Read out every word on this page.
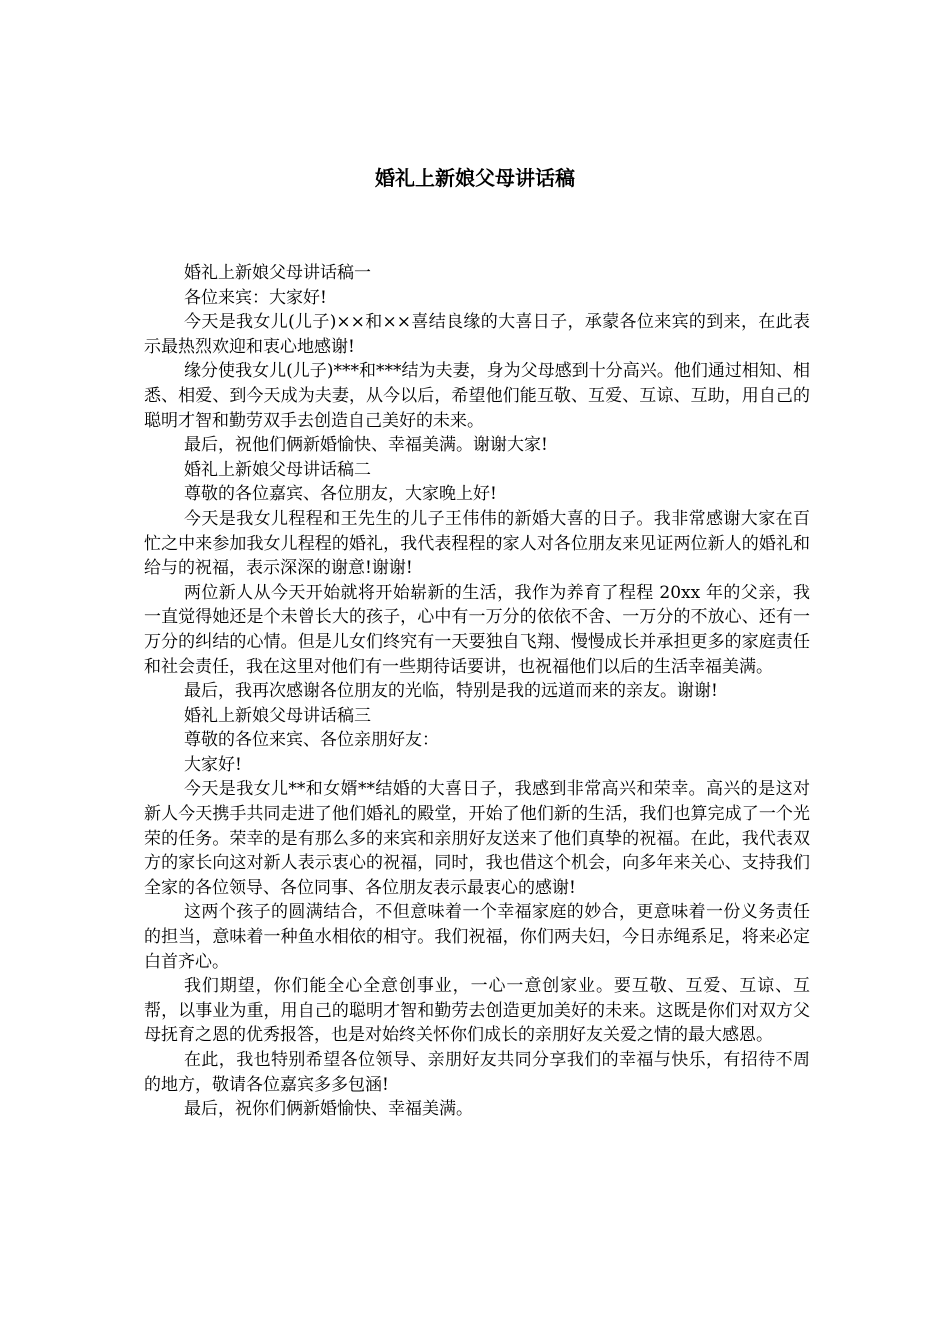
婚礼上新娘父母讲话稿

婚礼上新娘父母讲话稿一

各位来宾：大家好!

今天是我女儿(儿子)××和××喜结良缘的大喜日子，承蒙各位来宾的到来，在此表示最热烈欢迎和衷心地感谢!

缘分使我女儿(儿子)***和***结为夫妻，身为父母感到十分高兴。他们通过相知、相悉、相爱、到今天成为夫妻，从今以后，希望他们能互敬、互爱、互谅、互助，用自己的聪明才智和勤劳双手去创造自己美好的未来。

最后，祝他们俩新婚愉快、幸福美满。谢谢大家!

婚礼上新娘父母讲话稿二

尊敬的各位嘉宾、各位朋友，大家晚上好!

今天是我女儿程程和王先生的儿子王伟伟的新婚大喜的日子。我非常感谢大家在百忙之中来参加我女儿程程的婚礼，我代表程程的家人对各位朋友来见证两位新人的婚礼和给与的祝福，表示深深的谢意!谢谢!

两位新人从今天开始就将开始崭新的生活，我作为养育了程程 20xx 年的父亲，我一直觉得她还是个未曾长大的孩子，心中有一万分的依依不舍、一万分的不放心、还有一万分的纠结的心情。但是儿女们终究有一天要独自飞翔、慢慢成长并承担更多的家庭责任和社会责任，我在这里对他们有一些期待话要讲，也祝福他们以后的生活幸福美满。

最后，我再次感谢各位朋友的光临，特别是我的远道而来的亲友。谢谢!

婚礼上新娘父母讲话稿三

尊敬的各位来宾、各位亲朋好友：

大家好!

今天是我女儿**和女婿**结婚的大喜日子，我感到非常高兴和荣幸。高兴的是这对新人今天携手共同走进了他们婚礼的殿堂，开始了他们新的生活，我们也算完成了一个光荣的任务。荣幸的是有那么多的来宾和亲朋好友送来了他们真挚的祝福。在此，我代表双方的家长向这对新人表示衷心的祝福，同时，我也借这个机会，向多年来关心、支持我们全家的各位领导、各位同事、各位朋友表示最衷心的感谢!

这两个孩子的圆满结合，不但意味着一个幸福家庭的妙合，更意味着一份义务责任的担当，意味着一种鱼水相依的相守。我们祝福，你们两夫妇，今日赤绳系足，将来必定白首齐心。

我们期望，你们能全心全意创事业，一心一意创家业。要互敬、互爱、互谅、互帮，以事业为重，用自己的聪明才智和勤劳去创造更加美好的未来。这既是你们对双方父母抚育之恩的优秀报答，也是对始终关怀你们成长的亲朋好友关爱之情的最大感恩。

在此，我也特别希望各位领导、亲朋好友共同分享我们的幸福与快乐，有招待不周的地方，敬请各位嘉宾多多包涵!

最后，祝你们俩新婚愉快、幸福美满。
